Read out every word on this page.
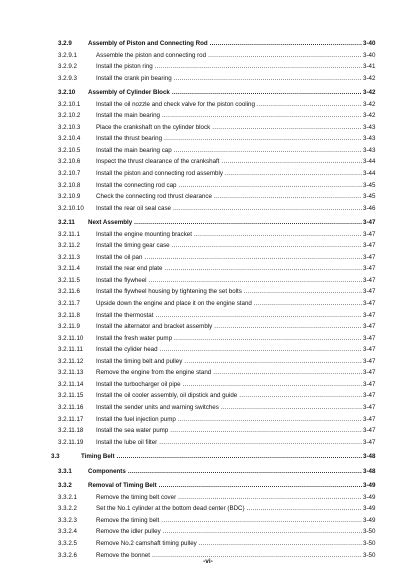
3.2.9	Assembly of Piston and Connecting Rod .....	3-40
3.2.9.1	Assemble the piston and connecting rod .....	3-40
3.2.9.2	Install the piston ring .....	3-41
3.2.9.3	Install the crank pin bearing .....	3-42
3.2.10 Assembly of Cylinder Block .....	3-42
3.2.10.1	Install the oil nozzle and check valve for the piston cooling .....	3-42
3.2.10.2	Install the main bearing .....	3-42
3.2.10.3	Place the crankshaft on the cylinder block .....	3-43
3.2.10.4	Install the thrust bearing .....	3-43
3.2.10.5	Install the main bearing cap .....	3-43
3.2.10.6	Inspect the thrust clearance of the crankshaft .....	3-44
3.2.10.7	Install the piston and connecting rod assembly .....	3-44
3.2.10.8	Install the connecting rod cap .....	3-45
3.2.10.9	Check the connecting rod thrust clearance .....	3-45
3.2.10.10 Install the rear oil seal case .....	3-46
3.2.11 Next Assembly .....	3-47
3.2.11.1	Install the engine mounting bracket .....	3-47
3.2.11.2	Install the timing gear case .....	3-47
3.2.11.3	Install the oil pan .....	3-47
3.2.11.4	Install the rear end plate .....	3-47
3.2.11.5	Install the flywheel .....	3-47
3.2.11.6	Install the flywheel housing by tightening the set bolts .....	3-47
3.2.11.7	Upside down the engine and place it on the engine stand .....	3-47
3.2.11.8	Install the thermostat .....	3-47
3.2.11.9	Install the alternator and bracket assembly .....	3-47
3.2.11.10 Install the fresh water pump .....	3-47
3.2.11.11 Install the cylider head .....	3-47
3.2.11.12 Install the timing belt and pulley .....	3-47
3.2.11.13 Remove the engine from the engine stand .....	3-47
3.2.11.14 Install the turbocharger oil pipe .....	3-47
3.2.11.15 Install the oil cooler assembly, oil dipstick and guide .....	3-47
3.2.11.16 Install the sender units and warning switches .....	3-47
3.2.11.17 Install the fuel injection pump .....	3-47
3.2.11.18 Install the sea water pump .....	3-47
3.2.11.19 Install the lube oil filter .....	3-47
3.3	Timing Belt .....	3-48
3.3.1	Components .....	3-48
3.3.2	Removal of Timing Belt .....	3-49
3.3.2.1	Remove the timing belt cover .....	3-49
3.3.2.2	Set the No.1 cylinder at the bottom dead center (BDC) .....	3-49
3.3.2.3	Remove the timing belt .....	3-49
3.3.2.4	Remove the idler pulley .....	3-50
3.3.2.5	Remove No.2 camshaft timing pulley .....	3-50
3.3.2.6	Remove the bonnet .....	3-50
-vi-
